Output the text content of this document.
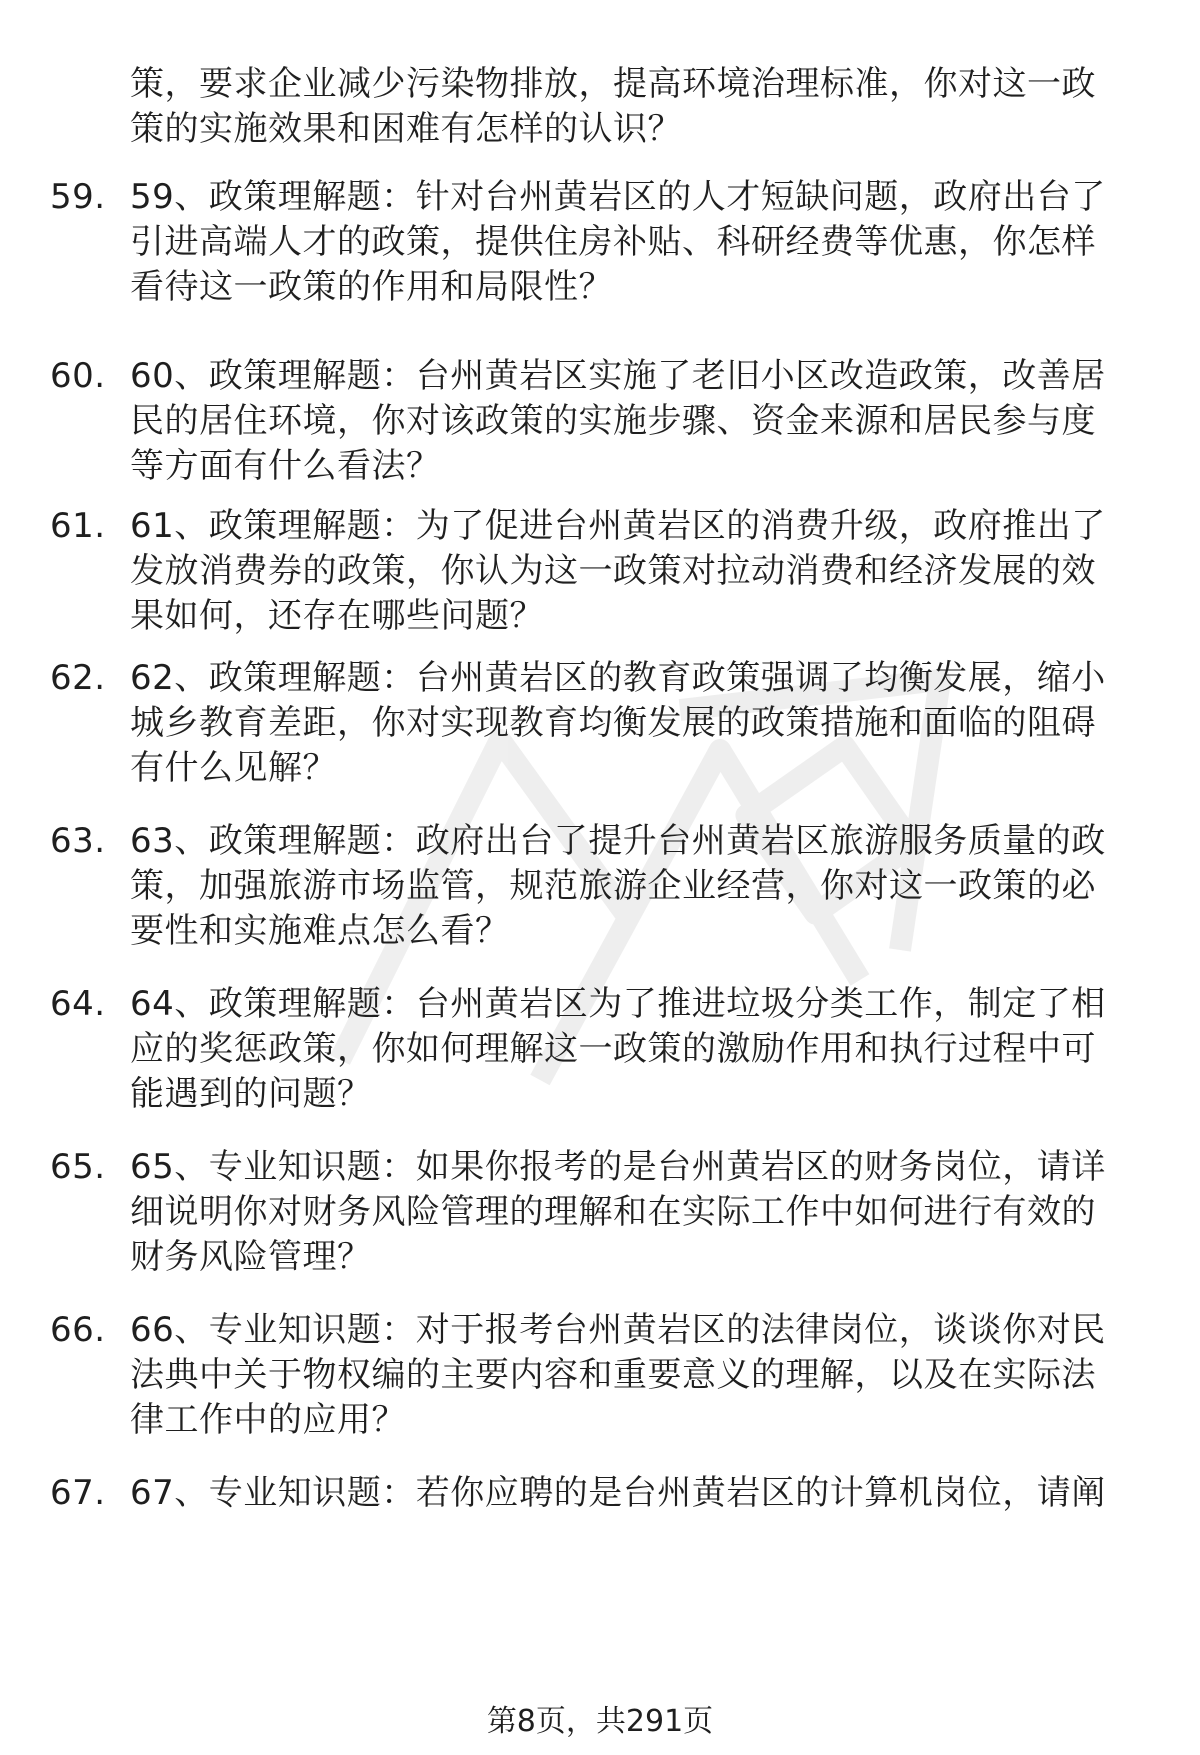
策，要求企业减少污染物排放，提高环境治理标准，你对这一政
策的实施效果和困难有怎样的认识？
59. 59、政策理解题：针对台州黄岩区的人才短缺问题，政府出台了
引进高端人才的政策，提供住房补贴、科研经费等优惠，你怎样
看待这一政策的作用和局限性？
60. 60、政策理解题：台州黄岩区实施了老旧小区改造政策，改善居
民的居住环境，你对该政策的实施步骤、资金来源和居民参与度
等方面有什么看法？
61. 61、政策理解题：为了促进台州黄岩区的消费升级，政府推出了
发放消费券的政策，你认为这一政策对拉动消费和经济发展的效
果如何，还存在哪些问题？
62. 62、政策理解题：台州黄岩区的教育政策强调了均衡发展，缩小
城乡教育差距，你对实现教育均衡发展的政策措施和面临的阻碍
有什么见解？
63. 63、政策理解题：政府出台了提升台州黄岩区旅游服务质量的政
策，加强旅游市场监管，规范旅游企业经营，你对这一政策的必
要性和实施难点怎么看？
64. 64、政策理解题：台州黄岩区为了推进垃圾分类工作，制定了相
应的奖惩政策，你如何理解这一政策的激励作用和执行过程中可
能遇到的问题？
65. 65、专业知识题：如果你报考的是台州黄岩区的财务岗位，请详
细说明你对财务风险管理的理解和在实际工作中如何进行有效的
财务风险管理？
66. 66、专业知识题：对于报考台州黄岩区的法律岗位，谈谈你对民
法典中关于物权编的主要内容和重要意义的理解，以及在实际法
律工作中的应用？
67. 67、专业知识题：若你应聘的是台州黄岩区的计算机岗位，请阐
第8页，共291页
